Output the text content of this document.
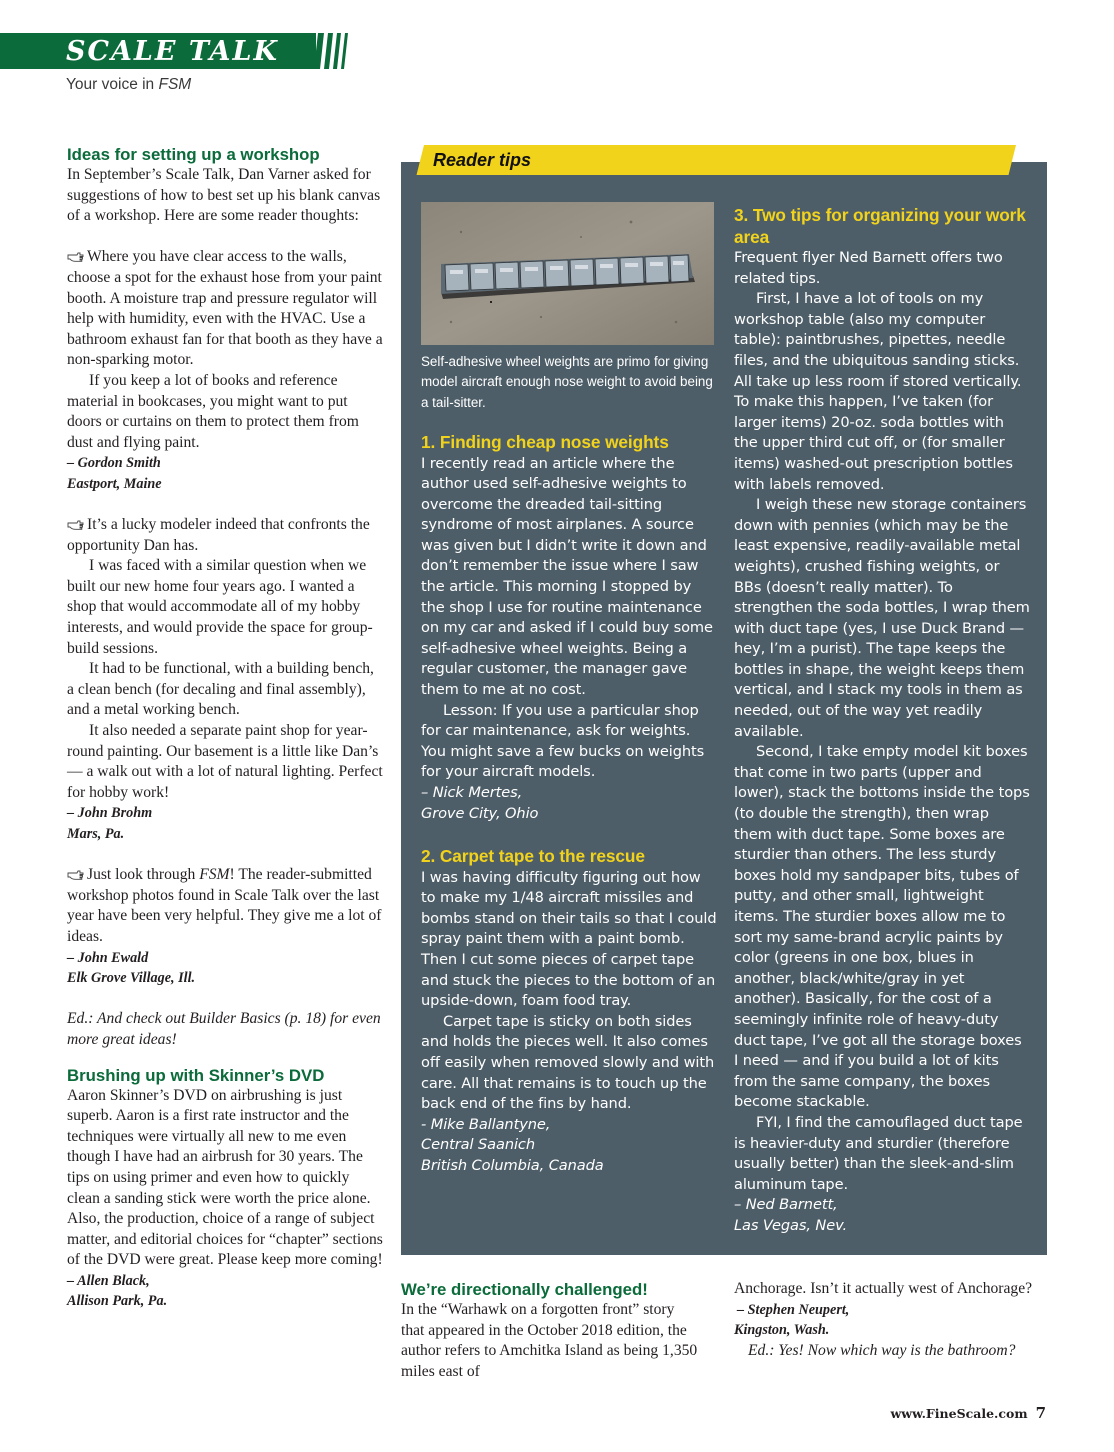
SCALE TALK
Your voice in FSM

Ideas for setting up a workshop

In September’s Scale Talk, Dan Varner asked for suggestions of how to best set up his blank canvas of a workshop. Here are some reader thoughts:

Where you have clear access to the walls, choose a spot for the exhaust hose from your paint booth. A moisture trap and pressure regulator will help with humidity, even with the HVAC. Use a bathroom exhaust fan for that booth as they have a non-sparking motor.

If you keep a lot of books and reference material in bookcases, you might want to put doors or curtains on them to protect them from dust and flying paint.

– Gordon Smith

Eastport, Maine

It’s a lucky modeler indeed that confronts the opportunity Dan has.

I was faced with a similar question when we built our new home four years ago. I wanted a shop that would accommodate all of my hobby interests, and would provide the space for group-build sessions.

It had to be functional, with a building bench, a clean bench (for decaling and final assembly), and a metal working bench.

It also needed a separate paint shop for year-round painting. Our basement is a little like Dan’s — a walk out with a lot of natural lighting. Perfect for hobby work!

– John Brohm

Mars, Pa.

Just look through FSM! The reader-submitted workshop photos found in Scale Talk over the last year have been very helpful. They give me a lot of ideas.

– John Ewald

Elk Grove Village, Ill.

Ed.: And check out Builder Basics (p. 18) for even more great ideas!

Brushing up with Skinner’s DVD

Aaron Skinner’s DVD on airbrushing is just superb. Aaron is a first rate instructor and the techniques were virtually all new to me even though I have had an airbrush for 30 years. The tips on using primer and even how to quickly clean a sanding stick were worth the price alone. Also, the production, choice of a range of subject matter, and editorial choices for “chapter” sections of the DVD were great. Please keep more coming!

– Allen Black,

Allison Park, Pa.

Reader tips
Self-adhesive wheel weights are primo for giving model aircraft enough nose weight to avoid being a tail-sitter.

1. Finding cheap nose weights

I recently read an article where the author used self-adhesive weights to overcome the dreaded tail-sitting syndrome of most airplanes. A source was given but I didn’t write it down and don’t remember the issue where I saw the article. This morning I stopped by the shop I use for routine maintenance on my car and asked if I could buy some self-adhesive wheel weights. Being a regular customer, the manager gave them to me at no cost.

Lesson: If you use a particular shop for car maintenance, ask for weights. You might save a few bucks on weights for your aircraft models.

– Nick Mertes,

Grove City, Ohio

2. Carpet tape to the rescue

I was having difficulty figuring out how to make my 1/48 aircraft missiles and bombs stand on their tails so that I could spray paint them with a paint bomb. Then I cut some pieces of carpet tape and stuck the pieces to the bottom of an upside-down, foam food tray.

Carpet tape is sticky on both sides and holds the pieces well. It also comes off easily when removed slowly and with care. All that remains is to touch up the back end of the fins by hand.

- Mike Ballantyne,

Central Saanich

British Columbia, Canada

3. Two tips for organizing your work area

Frequent flyer Ned Barnett offers two related tips.

First, I have a lot of tools on my workshop table (also my computer table): paintbrushes, pipettes, needle files, and the ubiquitous sanding sticks. All take up less room if stored vertically. To make this happen, I’ve taken (for larger items) 20-oz. soda bottles with the upper third cut off, or (for smaller items) washed-out prescription bottles with labels removed.

I weigh these new storage containers down with pennies (which may be the least expensive, readily-available metal weights), crushed fishing weights, or BBs (doesn’t really matter). To strengthen the soda bottles, I wrap them with duct tape (yes, I use Duck Brand — hey, I’m a purist). The tape keeps the bottles in shape, the weight keeps them vertical, and I stack my tools in them as needed, out of the way yet readily available.

Second, I take empty model kit boxes that come in two parts (upper and lower), stack the bottoms inside the tops (to double the strength), then wrap them with duct tape. Some boxes are sturdier than others. The less sturdy boxes hold my sandpaper bits, tubes of putty, and other small, lightweight items. The sturdier boxes allow me to sort my same-brand acrylic paints by color (greens in one box, blues in another, black/white/gray in yet another). Basically, for the cost of a seemingly infinite role of heavy-duty duct tape, I’ve got all the storage boxes I need — and if you build a lot of kits from the same company, the boxes become stackable.

FYI, I find the camouflaged duct tape is heavier-duty and sturdier (therefore usually better) than the sleek-and-slim aluminum tape.

– Ned Barnett,

Las Vegas, Nev.

We’re directionally challenged!

In the “Warhawk on a forgotten front” story that appeared in the October 2018 edition, the author refers to Amchitka Island as being 1,350 miles east of

Anchorage. Isn’t it actually west of Anchorage?

– Stephen Neupert,

Kingston, Wash.

Ed.: Yes! Now which way is the bathroom?

www.FineScale.com 7
